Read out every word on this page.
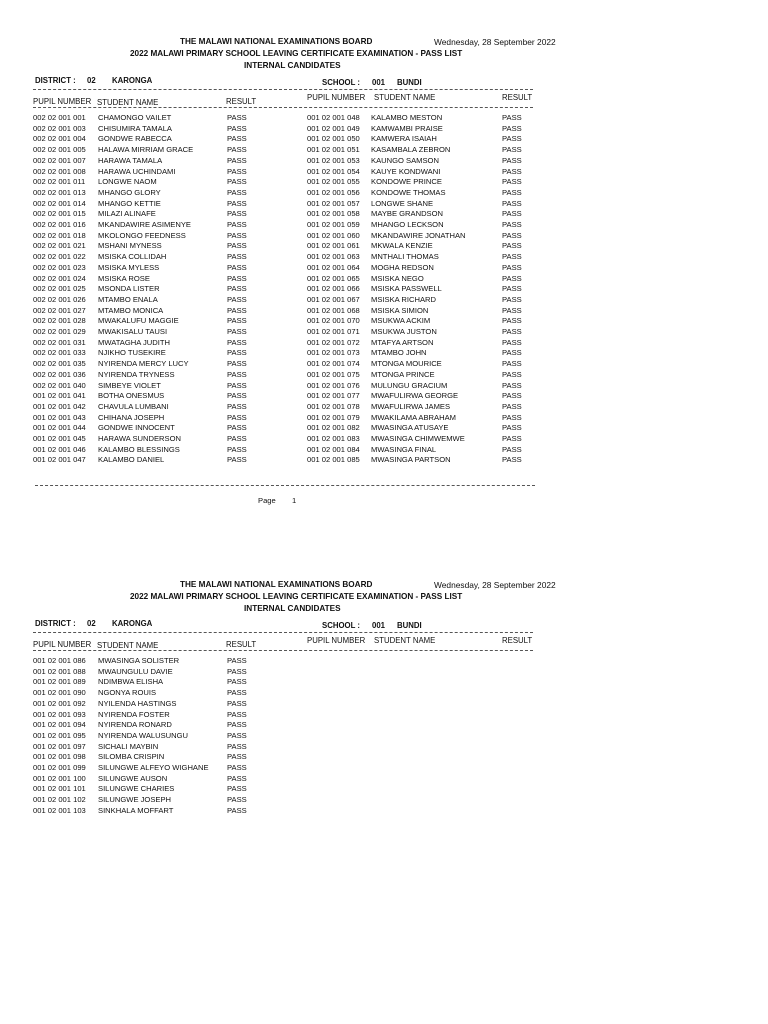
THE MALAWI NATIONAL EXAMINATIONS BOARD	Wednesday, 28 September 2022
2022 MALAWI PRIMARY SCHOOL LEAVING CERTIFICATE EXAMINATION - PASS LIST
INTERNAL CANDIDATES
DISTRICT : 02 KARONGA	SCHOOL : 001 BUNDI
PUPIL NUMBER STUDENT NAME	RESULT	PUPIL NUMBER STUDENT NAME	RESULT
002 02 001 001 CHAMONGO VAILET	PASS
002 02 001 003 CHISUMIRA TAMALA	PASS
002 02 001 004 GONDWE RABECCA	PASS
002 02 001 005 HALAWA MIRRIAM GRACE	PASS
002 02 001 007 HARAWA TAMALA	PASS
002 02 001 008 HARAWA UCHINDAMI	PASS
002 02 001 011 LONGWE NAOM	PASS
002 02 001 013 MHANGO GLORY	PASS
002 02 001 014 MHANGO KETTIE	PASS
002 02 001 015 MILAZI ALINAFE	PASS
002 02 001 016 MKANDAWIRE ASIMENYE	PASS
002 02 001 018 MKOLONGO FEEDNESS	PASS
002 02 001 021 MSHANI MYNESS	PASS
002 02 001 022 MSISKA COLLIDAH	PASS
002 02 001 023 MSISKA MYLESS	PASS
002 02 001 024 MSISKA ROSE	PASS
002 02 001 025 MSONDA LISTER	PASS
002 02 001 026 MTAMBO ENALA	PASS
002 02 001 027 MTAMBO MONICA	PASS
002 02 001 028 MWAKALUFU MAGGIE	PASS
002 02 001 029 MWAKISALU TAUSI	PASS
002 02 001 031 MWATAGHA JUDITH	PASS
002 02 001 033 NJIKHO TUSEKIRE	PASS
002 02 001 035 NYIRENDA MERCY LUCY	PASS
002 02 001 036 NYIRENDA TRYNESS	PASS
002 02 001 040 SIMBEYE VIOLET	PASS
001 02 001 041 BOTHA ONESMUS	PASS
001 02 001 042 CHAVULA LUMBANI	PASS
001 02 001 043 CHIHANA JOSEPH	PASS
001 02 001 044 GONDWE INNOCENT	PASS
001 02 001 045 HARAWA SUNDERSON	PASS
001 02 001 046 KALAMBO BLESSINGS	PASS
001 02 001 047 KALAMBO DANIEL	PASS
001 02 001 048 KALAMBO MESTON	PASS
001 02 001 049 KAMWAMBI PRAISE	PASS
001 02 001 050 KAMWERA ISAIAH	PASS
001 02 001 051 KASAMBALA ZEBRON	PASS
001 02 001 053 KAUNGO SAMSON	PASS
001 02 001 054 KAUYE KONDWANI	PASS
001 02 001 055 KONDOWE PRINCE	PASS
001 02 001 056 KONDOWE THOMAS	PASS
001 02 001 057 LONGWE SHANE	PASS
001 02 001 058 MAYBE GRANDSON	PASS
001 02 001 059 MHANGO LECKSON	PASS
001 02 001 060 MKANDAWIRE JONATHAN	PASS
001 02 001 061 MKWALA KENZIE	PASS
001 02 001 063 MNTHALI THOMAS	PASS
001 02 001 064 MOGHA REDSON	PASS
001 02 001 065 MSISKA NEGO	PASS
001 02 001 066 MSISKA PASSWELL	PASS
001 02 001 067 MSISKA RICHARD	PASS
001 02 001 068 MSISKA SIMION	PASS
001 02 001 070 MSUKWA ACKIM	PASS
001 02 001 071 MSUKWA JUSTON	PASS
001 02 001 072 MTAFYA ARTSON	PASS
001 02 001 073 MTAMBO JOHN	PASS
001 02 001 074 MTONGA MOURICE	PASS
001 02 001 075 MTONGA PRINCE	PASS
001 02 001 076 MULUNGU GRACIUM	PASS
001 02 001 077 MWAFULIRWA GEORGE	PASS
001 02 001 078 MWAFULIRWA JAMES	PASS
001 02 001 079 MWAKILAMA ABRAHAM	PASS
001 02 001 082 MWASINGA ATUSAYE	PASS
001 02 001 083 MWASINGA CHIMWEMWE	PASS
001 02 001 084 MWASINGA FINAL	PASS
001 02 001 085 MWASINGA PARTSON	PASS
Page 1
THE MALAWI NATIONAL EXAMINATIONS BOARD	Wednesday, 28 September 2022
2022 MALAWI PRIMARY SCHOOL LEAVING CERTIFICATE EXAMINATION - PASS LIST
INTERNAL CANDIDATES
DISTRICT : 02 KARONGA	SCHOOL : 001 BUNDI
PUPIL NUMBER STUDENT NAME	RESULT	PUPIL NUMBER STUDENT NAME	RESULT
001 02 001 086 MWASINGA SOLISTER	PASS
001 02 001 088 MWAUNGULU DAVIE	PASS
001 02 001 089 NDIMBWA ELISHA	PASS
001 02 001 090 NGONYA ROUIS	PASS
001 02 001 092 NYILENDA HASTINGS	PASS
001 02 001 093 NYIRENDA FOSTER	PASS
001 02 001 094 NYIRENDA RONARD	PASS
001 02 001 095 NYIRENDA WALUSUNGU	PASS
001 02 001 097 SICHALI MAYBIN	PASS
001 02 001 098 SILOMBA CRISPIN	PASS
001 02 001 099 SILUNGWE ALFEYO WIGHANE PASS
001 02 001 100 SILUNGWE AUSON	PASS
001 02 001 101 SILUNGWE CHARIES	PASS
001 02 001 102 SILUNGWE JOSEPH	PASS
001 02 001 103 SINKHALA MOFFART	PASS
